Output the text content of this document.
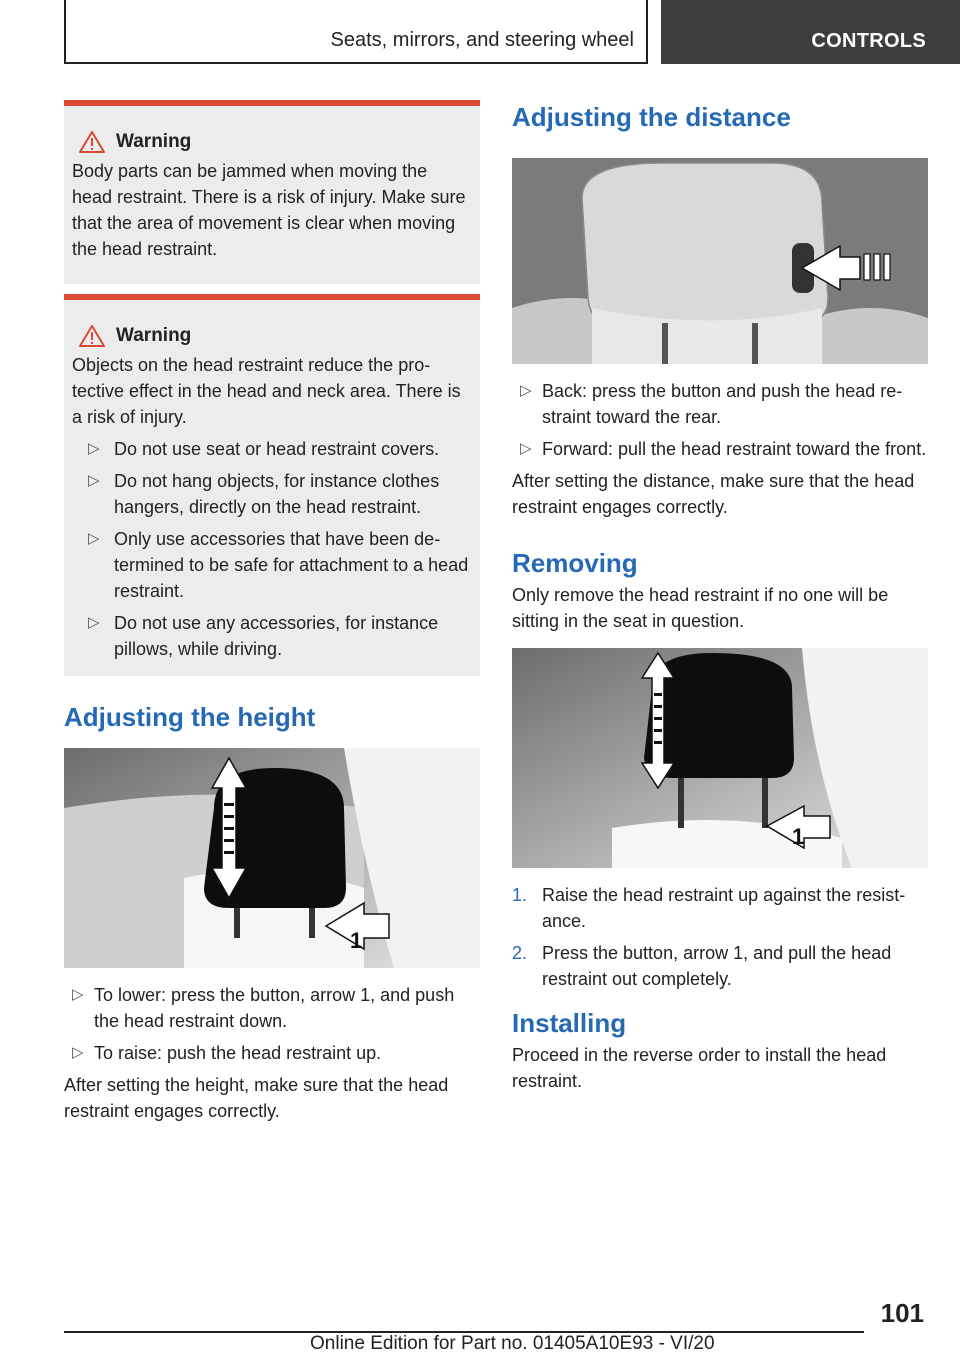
Seats, mirrors, and steering wheel	CONTROLS
Warning
Body parts can be jammed when moving the head restraint. There is a risk of injury. Make sure that the area of movement is clear when moving the head restraint.
Warning
Objects on the head restraint reduce the pro‐tective effect in the head and neck area. There is a risk of injury.
▷ Do not use seat or head restraint covers.
▷ Do not hang objects, for instance clothes hangers, directly on the head restraint.
▷ Only use accessories that have been de‐termined to be safe for attachment to a head restraint.
▷ Do not use any accessories, for instance pillows, while driving.
Adjusting the height
1
▷ To lower: press the button, arrow 1, and push the head restraint down.
▷ To raise: push the head restraint up.
After setting the height, make sure that the head restraint engages correctly.
Adjusting the distance
▷ Back: press the button and push the head re‐straint toward the rear.
▷ Forward: pull the head restraint toward the front.
After setting the distance, make sure that the head restraint engages correctly.
Removing
Only remove the head restraint if no one will be sitting in the seat in question.
1
1. Raise the head restraint up against the resist‐ance.
2. Press the button, arrow 1, and pull the head restraint out completely.
Installing
Proceed in the reverse order to install the head restraint.
101
Online Edition for Part no. 01405A10E93 - VI/20
